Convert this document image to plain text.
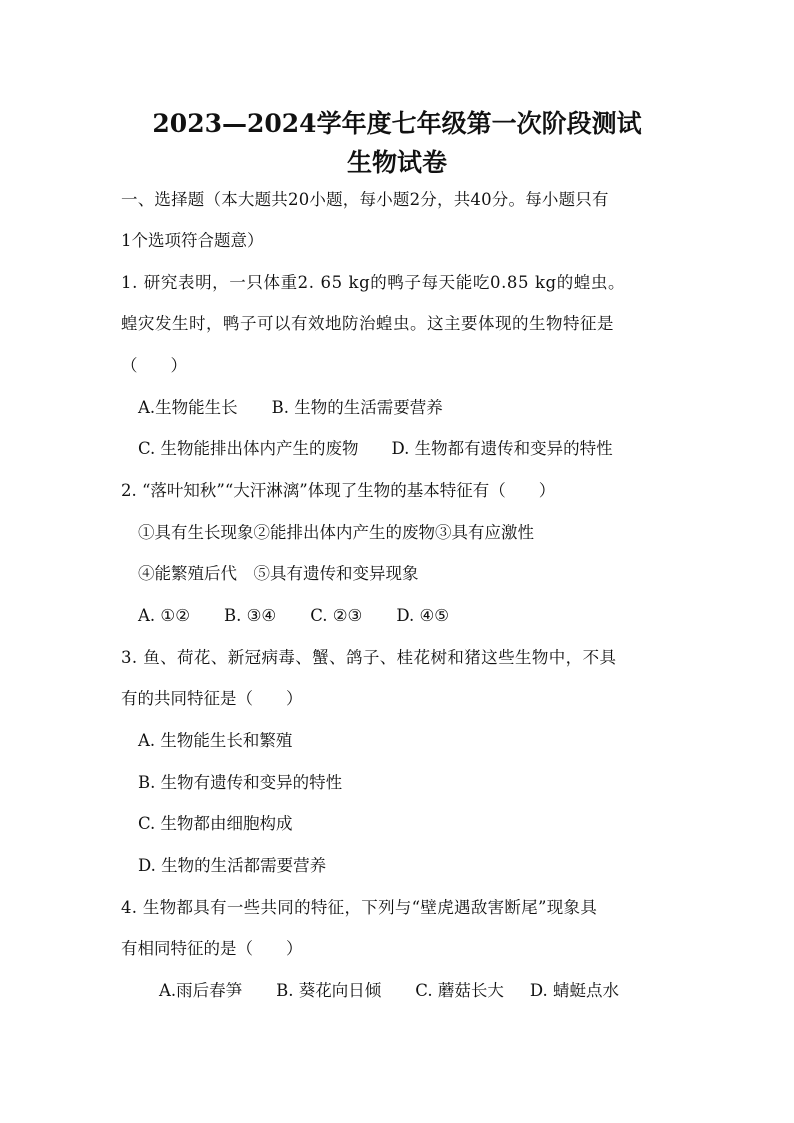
2023—2024学年度七年级第一次阶段测试
生物试卷
一、选择题（本大题共20小题，每小题2分，共40分。每小题只有
1个选项符合题意）
1. 研究表明，一只体重2. 65 kg的鸭子每天能吃0.85 kg的蝗虫。
蝗灾发生时，鸭子可以有效地防治蝗虫。这主要体现的生物特征是
（　　）
A.生物能生长 B. 生物的生活需要营养
C. 生物能排出体内产生的废物 D. 生物都有遗传和变异的特性
2. “落叶知秋”“大汗淋漓”体现了生物的基本特征有（　　）
①具有生长现象②能排出体内产生的废物③具有应激性
④能繁殖后代　⑤具有遗传和变异现象
A. ①② B. ③④ C. ②③ D. ④⑤
3. 鱼、荷花、新冠病毒、蟹、鸽子、桂花树和猪这些生物中，不具
有的共同特征是（　　）
A. 生物能生长和繁殖
B. 生物有遗传和变异的特性
C. 生物都由细胞构成
D. 生物的生活都需要营养
4. 生物都具有一些共同的特征，下列与“壁虎遇敌害断尾”现象具
有相同特征的是（　　）
A.雨后春笋 B. 葵花向日倾 C. 蘑菇长大 D. 蜻蜓点水
